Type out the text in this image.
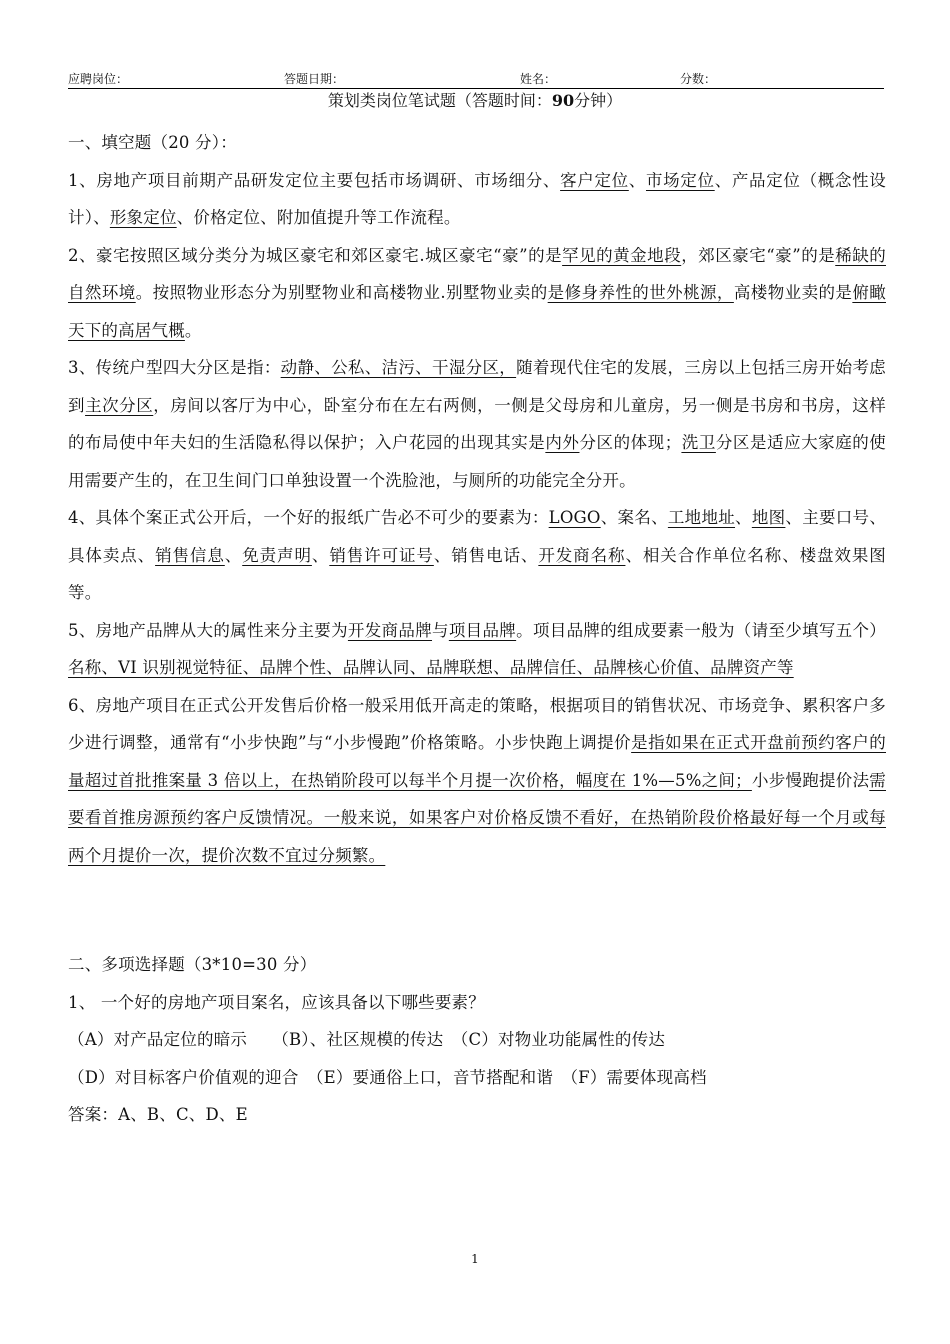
应聘岗位：	答题日期：	姓名：	分数：
策划类岗位笔试题（答题时间：90分钟）

一、填空题（20 分）：

1、房地产项目前期产品研发定位主要包括市场调研、市场细分、客户定位、市场定位、产品定位（概念性设计）、形象定位、价格定位、附加值提升等工作流程。

2、豪宅按照区域分类分为城区豪宅和郊区豪宅.城区豪宅“豪”的是罕见的黄金地段，郊区豪宅“豪”的是稀缺的自然环境。按照物业形态分为别墅物业和高楼物业.别墅物业卖的是修身养性的世外桃源，高楼物业卖的是俯瞰天下的高居气概。

3、传统户型四大分区是指：动静、公私、洁污、干湿分区，随着现代住宅的发展，三房以上包括三房开始考虑到主次分区，房间以客厅为中心，卧室分布在左右两侧，一侧是父母房和儿童房，另一侧是书房和书房，这样的布局使中年夫妇的生活隐私得以保护；入户花园的出现其实是内外分区的体现；洗卫分区是适应大家庭的使用需要产生的，在卫生间门口单独设置一个洗脸池，与厕所的功能完全分开。

4、具体个案正式公开后，一个好的报纸广告必不可少的要素为：LOGO、案名、工地地址、地图、主要口号、具体卖点、销售信息、免责声明、销售许可证号、销售电话、开发商名称、相关合作单位名称、楼盘效果图等。

5、房地产品牌从大的属性来分主要为开发商品牌与项目品牌。项目品牌的组成要素一般为（请至少填写五个）名称、VI 识别视觉特征、品牌个性、品牌认同、品牌联想、品牌信任、品牌核心价值、品牌资产等

6、房地产项目在正式公开发售后价格一般采用低开高走的策略，根据项目的销售状况、市场竞争、累积客户多少进行调整，通常有“小步快跑”与“小步慢跑”价格策略。小步快跑上调提价是指如果在正式开盘前预约客户的量超过首批推案量 3 倍以上，在热销阶段可以每半个月提一次价格，幅度在 1%—5%之间；小步慢跑提价法需要看首推房源预约客户反馈情况。一般来说，如果客户对价格反馈不看好，在热销阶段价格最好每一个月或每两个月提价一次，提价次数不宜过分频繁。

二、多项选择题（3*10=30 分）

1、 一个好的房地产项目案名，应该具备以下哪些要素？

（A）对产品定位的暗示　　（B）、社区规模的传达　（C）对物业功能属性的传达

（D）对目标客户价值观的迎合　（E）要通俗上口，音节搭配和谐　（F）需要体现高档

答案：A、B、C、D、E

1
